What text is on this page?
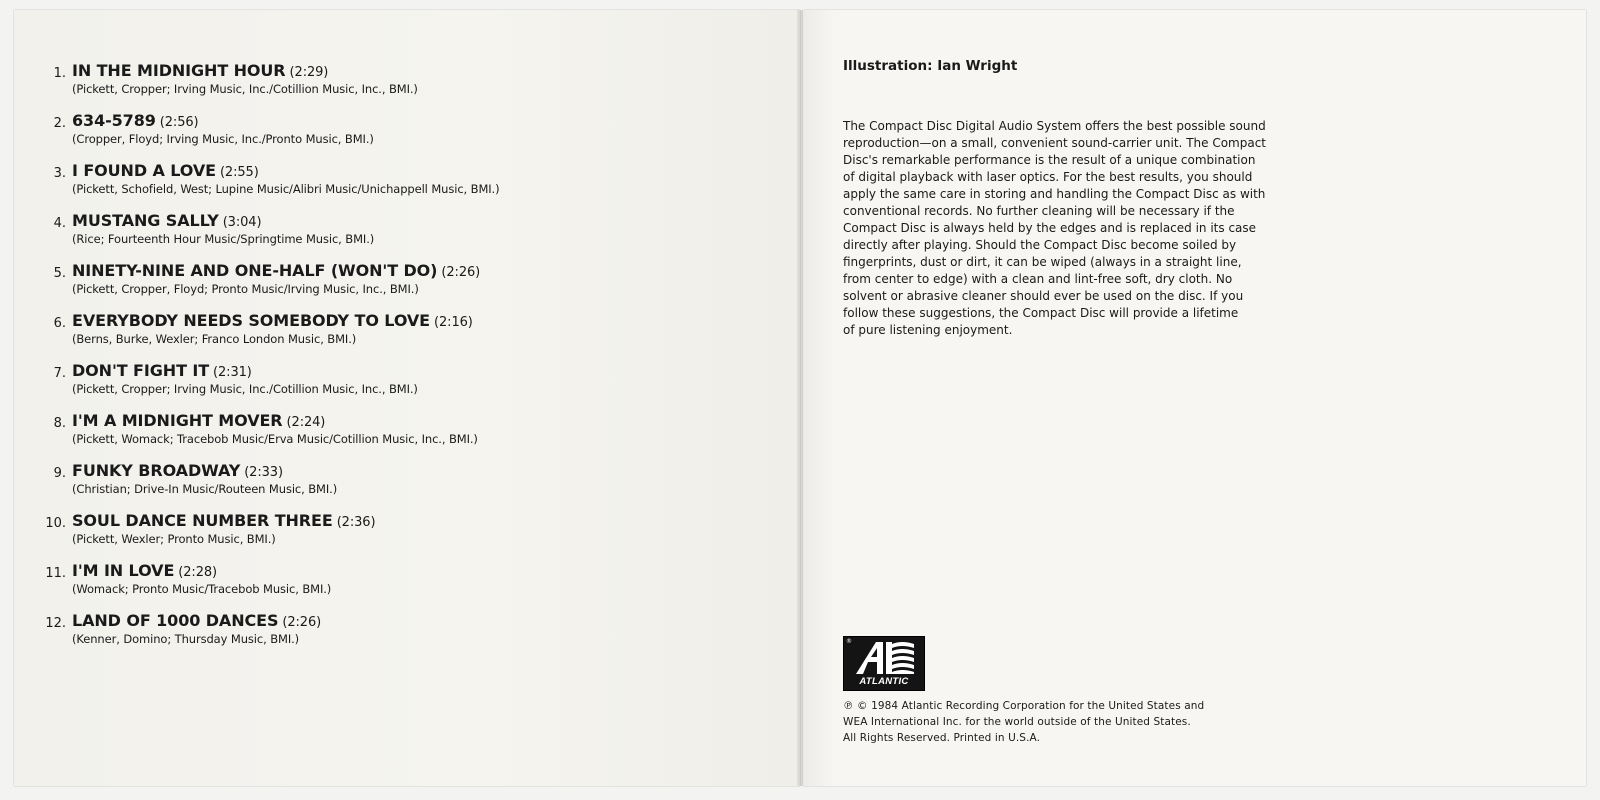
1. IN THE MIDNIGHT HOUR (2:29)
(Pickett, Cropper; Irving Music, Inc./Cotillion Music, Inc., BMI.)
2. 634-5789 (2:56)
(Cropper, Floyd; Irving Music, Inc./Pronto Music, BMI.)
3. I FOUND A LOVE (2:55)
(Pickett, Schofield, West; Lupine Music/Alibri Music/Unichappell Music, BMI.)
4. MUSTANG SALLY (3:04)
(Rice; Fourteenth Hour Music/Springtime Music, BMI.)
5. NINETY-NINE AND ONE-HALF (WON'T DO) (2:26)
(Pickett, Cropper, Floyd; Pronto Music/Irving Music, Inc., BMI.)
6. EVERYBODY NEEDS SOMEBODY TO LOVE (2:16)
(Berns, Burke, Wexler; Franco London Music, BMI.)
7. DON'T FIGHT IT (2:31)
(Pickett, Cropper; Irving Music, Inc./Cotillion Music, Inc., BMI.)
8. I'M A MIDNIGHT MOVER (2:24)
(Pickett, Womack; Tracebob Music/Erva Music/Cotillion Music, Inc., BMI.)
9. FUNKY BROADWAY (2:33)
(Christian; Drive-In Music/Routeen Music, BMI.)
10. SOUL DANCE NUMBER THREE (2:36)
(Pickett, Wexler; Pronto Music, BMI.)
11. I'M IN LOVE (2:28)
(Womack; Pronto Music/Tracebob Music, BMI.)
12. LAND OF 1000 DANCES (2:26)
(Kenner, Domino; Thursday Music, BMI.)
Illustration: Ian Wright
The Compact Disc Digital Audio System offers the best possible sound
reproduction—on a small, convenient sound-carrier unit. The Compact
Disc's remarkable performance is the result of a unique combination
of digital playback with laser optics. For the best results, you should
apply the same care in storing and handling the Compact Disc as with
conventional records. No further cleaning will be necessary if the
Compact Disc is always held by the edges and is replaced in its case
directly after playing. Should the Compact Disc become soiled by
fingerprints, dust or dirt, it can be wiped (always in a straight line,
from center to edge) with a clean and lint-free soft, dry cloth. No
solvent or abrasive cleaner should ever be used on the disc. If you
follow these suggestions, the Compact Disc will provide a lifetime
of pure listening enjoyment.
®
ATLANTIC
℗ © 1984 Atlantic Recording Corporation for the United States and
WEA International Inc. for the world outside of the United States.
All Rights Reserved. Printed in U.S.A.
